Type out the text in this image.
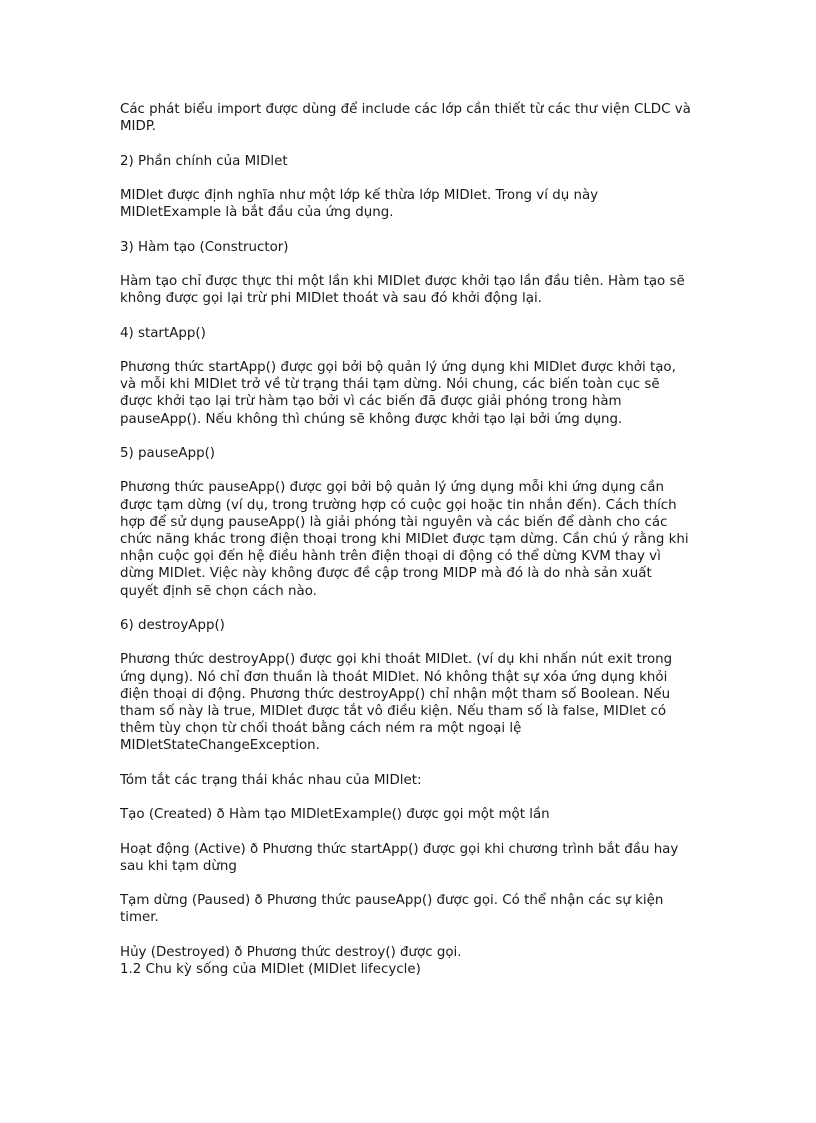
Các phát biểu import được dùng để include các lớp cần thiết từ các thư viện CLDC và
MIDP.

2) Phần chính của MIDlet

MIDlet được định nghĩa như một lớp kế thừa lớp MIDlet. Trong ví dụ này
MIDletExample là bắt đầu của ứng dụng.

3) Hàm tạo (Constructor)

Hàm tạo chỉ được thực thi một lần khi MIDlet được khởi tạo lần đầu tiên. Hàm tạo sẽ
không được gọi lại trừ phi MIDlet thoát và sau đó khởi động lại.

4) startApp()

Phương thức startApp() được gọi bởi bộ quản lý ứng dụng khi MIDlet được khởi tạo,
và mỗi khi MIDlet trở về từ trạng thái tạm dừng. Nói chung, các biến toàn cục sẽ
được khởi tạo lại trừ hàm tạo bởi vì các biến đã được giải phóng trong hàm
pauseApp(). Nếu không thì chúng sẽ không được khởi tạo lại bởi ứng dụng.

5) pauseApp()

Phương thức pauseApp() được gọi bởi bộ quản lý ứng dụng mỗi khi ứng dụng cần
được tạm dừng (ví dụ, trong trường hợp có cuộc gọi hoặc tin nhắn đến). Cách thích
hợp để sử dụng pauseApp() là giải phóng tài nguyên và các biến để dành cho các
chức năng khác trong điện thoại trong khi MIDlet được tạm dừng. Cần chú ý rằng khi
nhận cuộc gọi đến hệ điều hành trên điện thoại di động có thể dừng KVM thay vì
dừng MIDlet. Việc này không được đề cập trong MIDP mà đó là do nhà sản xuất
quyết định sẽ chọn cách nào.

6) destroyApp()

Phương thức destroyApp() được gọi khi thoát MIDlet. (ví dụ khi nhấn nút exit trong
ứng dụng). Nó chỉ đơn thuần là thoát MIDlet. Nó không thật sự xóa ứng dụng khỏi
điện thoại di động. Phương thức destroyApp() chỉ nhận một tham số Boolean. Nếu
tham số này là true, MIDlet được tắt vô điều kiện. Nếu tham số là false, MIDlet có
thêm tùy chọn từ chối thoát bằng cách ném ra một ngoại lệ
MIDletStateChangeException.

Tóm tắt các trạng thái khác nhau của MIDlet:

Tạo (Created) ð Hàm tạo MIDletExample() được gọi một một lần

Hoạt động (Active) ð Phương thức startApp() được gọi khi chương trình bắt đầu hay
sau khi tạm dừng

Tạm dừng (Paused) ð Phương thức pauseApp() được gọi. Có thể nhận các sự kiện
timer.

Hủy (Destroyed) ð Phương thức destroy() được gọi.

1.2 Chu kỳ sống của MIDlet (MIDlet lifecycle)
